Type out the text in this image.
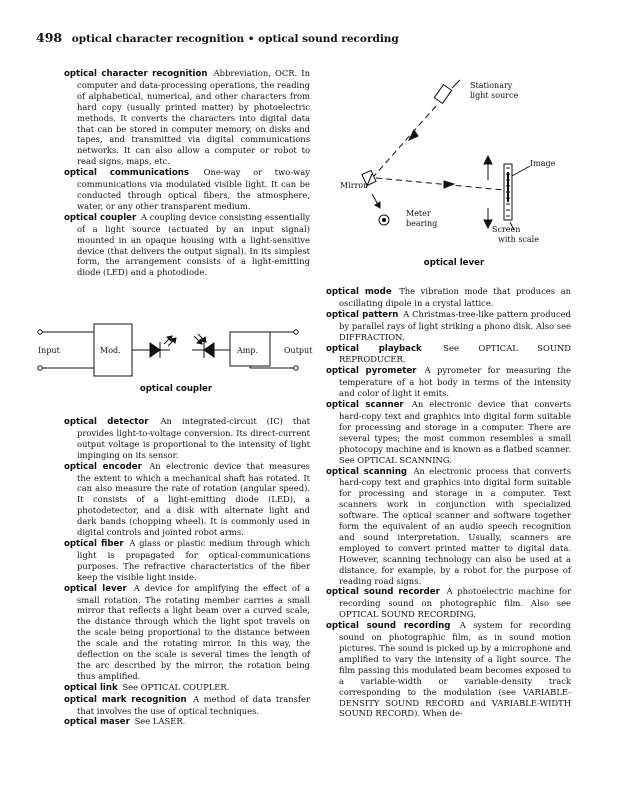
498 optical character recognition • optical sound recording

optical character recognition Abbreviation, OCR. In computer and data-processing operations, the reading of alphabetical, numerical, and other characters from hard copy (usually printed matter) by photoelectric methods. It converts the characters into digital data that can be stored in computer memory, on disks and tapes, and transmitted via digital communications networks. It can also allow a computer or robot to read signs, maps, etc.

optical communications One-way or two-way communications via modulated visible light. It can be conducted through optical fibers, the atmosphere, water, or any other transparent medium.

optical coupler A coupling device consisting essentially of a light source (actuated by an input signal) mounted in an opaque housing with a light-sensitive device (that delivers the output signal). In its simplest form, the arrangement consists of a light-emitting diode (LED) and a photodiode.

Input	Mod.	Amp.	Output
optical coupler

optical detector An integrated-circuit (IC) that provides light-to-voltage conversion. Its direct-current output voltage is proportional to the intensity of light impinging on its sensor.

optical encoder An electronic device that measures the extent to which a mechanical shaft has rotated. It can also measure the rate of rotation (angular speed). It consists of a light-emitting diode (LED), a photodetector, and a disk with alternate light and dark bands (chopping wheel). It is commonly used in digital controls and jointed robot arms.

optical fiber A glass or plastic medium through which light is propagated for optical-communications purposes. The refractive characteristics of the fiber keep the visible light inside.

optical lever A device for amplifying the effect of a small rotation. The rotating member carries a small mirror that reflects a light beam over a curved scale, the distance through which the light spot travels on the scale being proportional to the distance between the scale and the rotating mirror. In this way, the deflection on the scale is several times the length of the arc described by the mirror, the rotation being thus amplified.

optical link See OPTICAL COUPLER.

optical mark recognition A method of data transfer that involves the use of optical techniques.

optical maser See LASER.

Stationary
light source
Image
Mirror
Meter
bearing
Screen
with scale
optical lever

optical mode The vibration mode that produces an oscillating dipole in a crystal lattice.

optical pattern A Christmas-tree-like pattern produced by parallel rays of light striking a phono disk. Also see DIFFRACTION.

optical playback	See OPTICAL SOUND REPRODUCER.

optical pyrometer A pyrometer for measuring the temperature of a hot body in terms of the intensity and color of light it emits.

optical scanner An electronic device that converts hard-copy text and graphics into digital form suitable for processing and storage in a computer. There are several types; the most common resembles a small photocopy machine and is known as a flatbed scanner. See OPTICAL SCANNING.

optical scanning An electronic process that converts hard-copy text and graphics into digital form suitable for processing and storage in a computer. Text scanners work in conjunction with specialized software. The optical scanner and software together form the equivalent of an audio speech recognition and sound interpretation. Usually, scanners are employed to convert printed matter to digital data. However, scanning technology can also be used at a distance, for example, by a robot for the purpose of reading road signs.

optical sound recorder A photoelectric machine for recording sound on photographic film. Also see OPTICAL SOUND RECORDING.

optical sound recording A system for recording sound on photographic film, as in sound motion pictures. The sound is picked up by a microphone and amplified to vary the intensity of a light source. The film passing this modulated beam becomes exposed to a variable-width or variable-density track corresponding to the modulation (see VARIABLE-DENSITY SOUND RECORD and VARIABLE-WIDTH SOUND RECORD). When de-
